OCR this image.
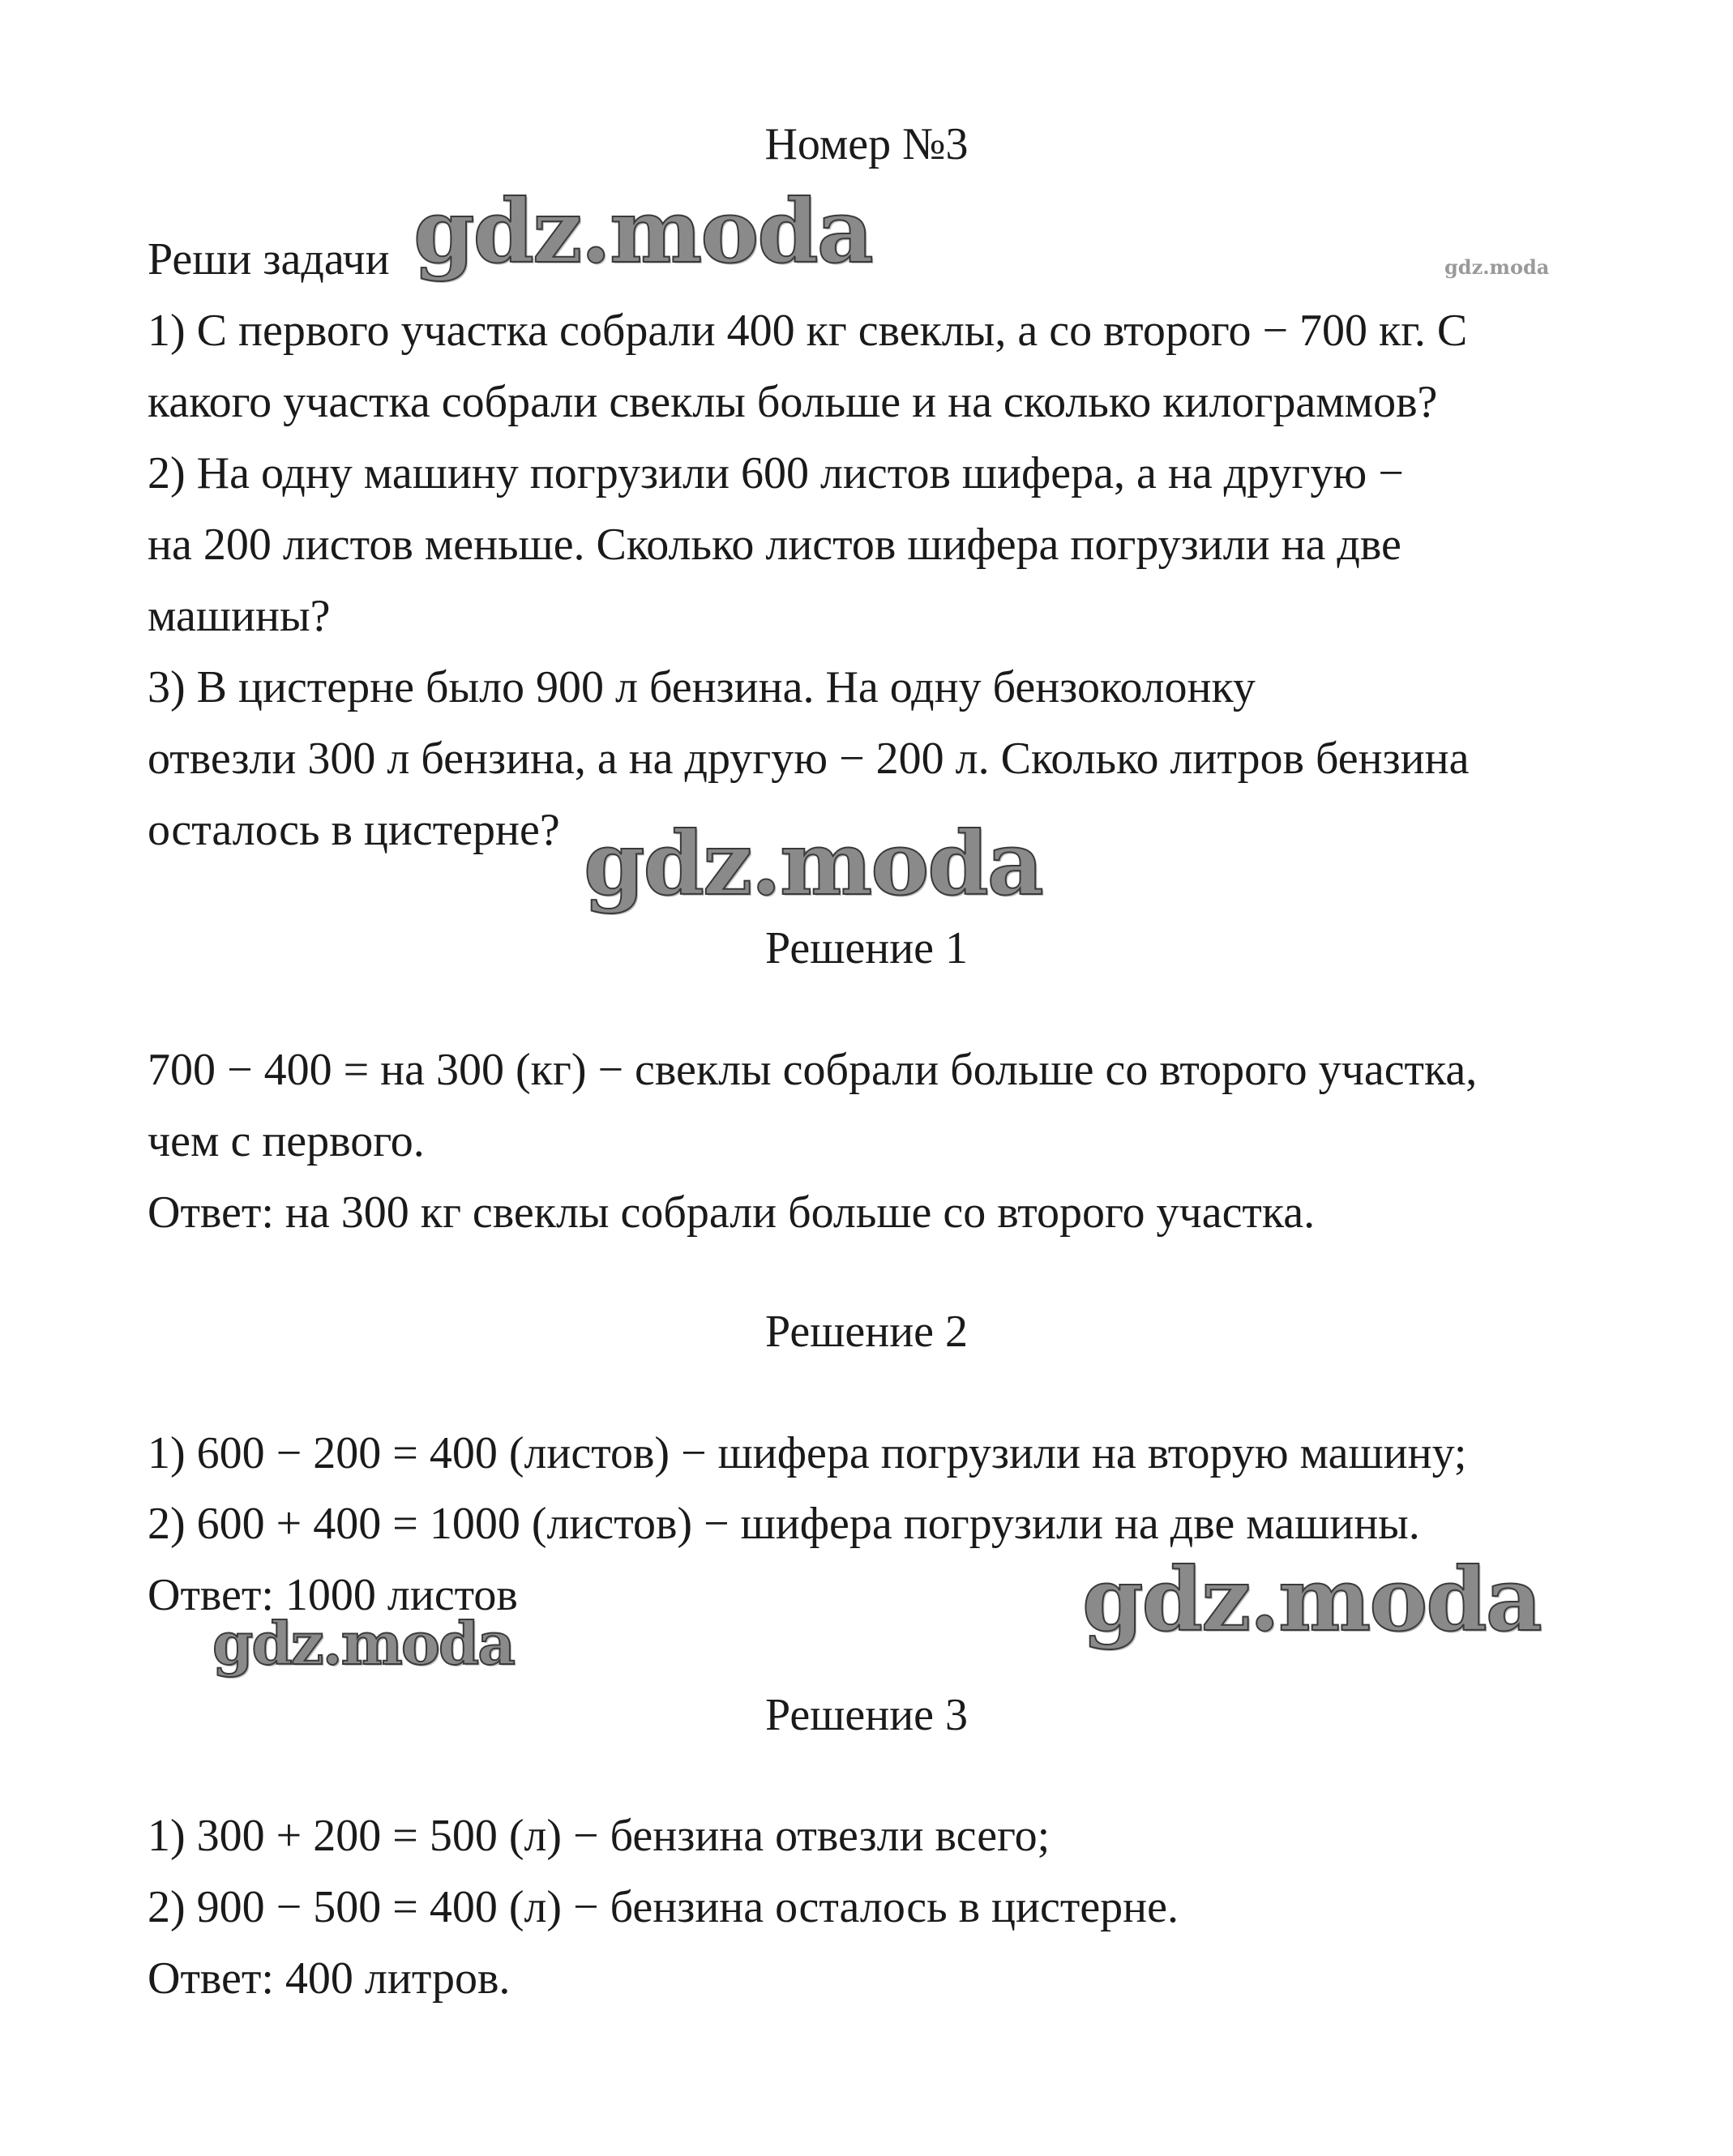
Номер №3
Реши задачи
1) С первого участка собрали 400 кг свеклы, а со второго − 700 кг. С
какого участка собрали свеклы больше и на сколько килограммов?
2) На одну машину погрузили 600 листов шифера, а на другую −
на 200 листов меньше. Сколько листов шифера погрузили на две
машины?
3) В цистерне было 900 л бензина. На одну бензоколонку
отвезли 300 л бензина, а на другую − 200 л. Сколько литров бензина
осталось в цистерне?
Решение 1
700 − 400 = на 300 (кг) − свеклы собрали больше со второго участка,
чем с первого.
Ответ: на 300 кг свеклы собрали больше со второго участка.
Решение 2
1) 600 − 200 = 400 (листов) − шифера погрузили на вторую машину;
2) 600 + 400 = 1000 (листов) − шифера погрузили на две машины.
Ответ: 1000 листов
Решение 3
1) 300 + 200 = 500 (л) − бензина отвезли всего;
2) 900 − 500 = 400 (л) − бензина осталось в цистерне.
Ответ: 400 литров.
gdz.moda	gdz.moda
gdz.moda
gdz.moda
gdz.moda
